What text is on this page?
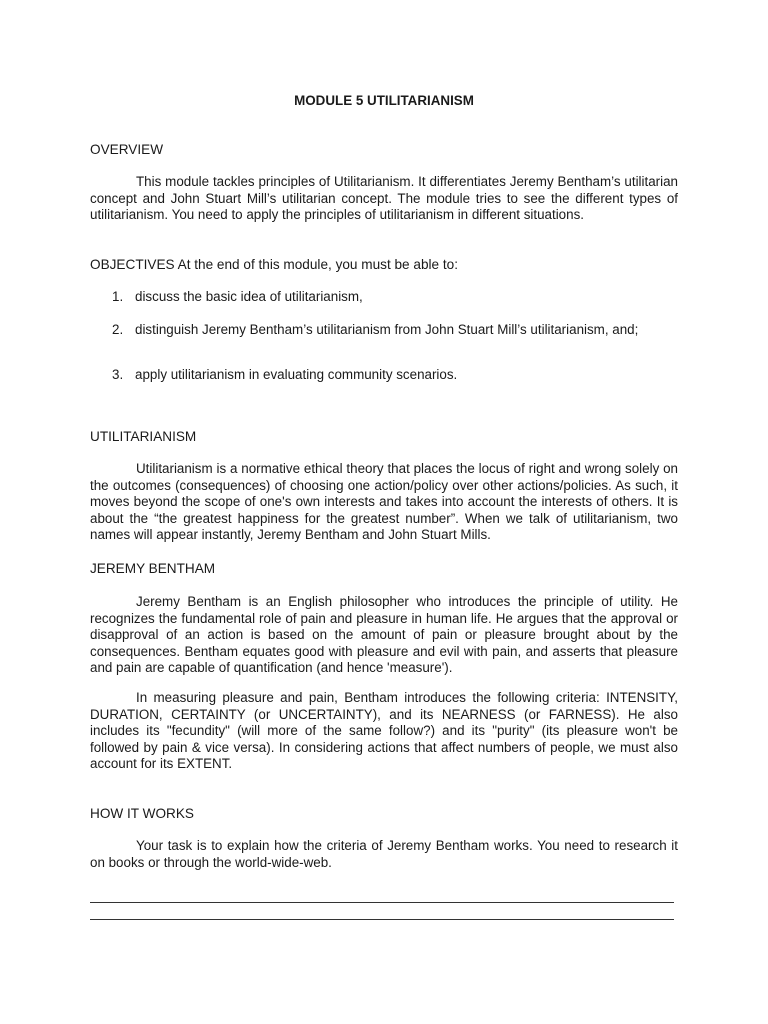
MODULE 5 UTILITARIANISM

OVERVIEW

This module tackles principles of Utilitarianism. It differentiates Jeremy Bentham’s utilitarian concept and John Stuart Mill’s utilitarian concept. The module tries to see the different types of utilitarianism. You need to apply the principles of utilitarianism in different situations.

OBJECTIVES At the end of this module, you must be able to:

1. discuss the basic idea of utilitarianism,

2. distinguish Jeremy Bentham’s utilitarianism from John Stuart Mill’s utilitarianism, and;

3. apply utilitarianism in evaluating community scenarios.

UTILITARIANISM

Utilitarianism is a normative ethical theory that places the locus of right and wrong solely on the outcomes (consequences) of choosing one action/policy over other actions/policies. As such, it moves beyond the scope of one's own interests and takes into account the interests of others. It is about the “the greatest happiness for the greatest number”. When we talk of utilitarianism, two names will appear instantly, Jeremy Bentham and John Stuart Mills.

JEREMY BENTHAM

Jeremy Bentham is an English philosopher who introduces the principle of utility. He recognizes the fundamental role of pain and pleasure in human life. He argues that the approval or disapproval of an action is based on the amount of pain or pleasure brought about by the consequences. Bentham equates good with pleasure and evil with pain, and asserts that pleasure and pain are capable of quantification (and hence 'measure').

In measuring pleasure and pain, Bentham introduces the following criteria: INTENSITY, DURATION, CERTAINTY (or UNCERTAINTY), and its NEARNESS (or FARNESS). He also includes its "fecundity" (will more of the same follow?) and its "purity" (its pleasure won't be followed by pain & vice versa). In considering actions that affect numbers of people, we must also account for its EXTENT.

HOW IT WORKS

Your task is to explain how the criteria of Jeremy Bentham works. You need to research it on books or through the world-wide-web.
